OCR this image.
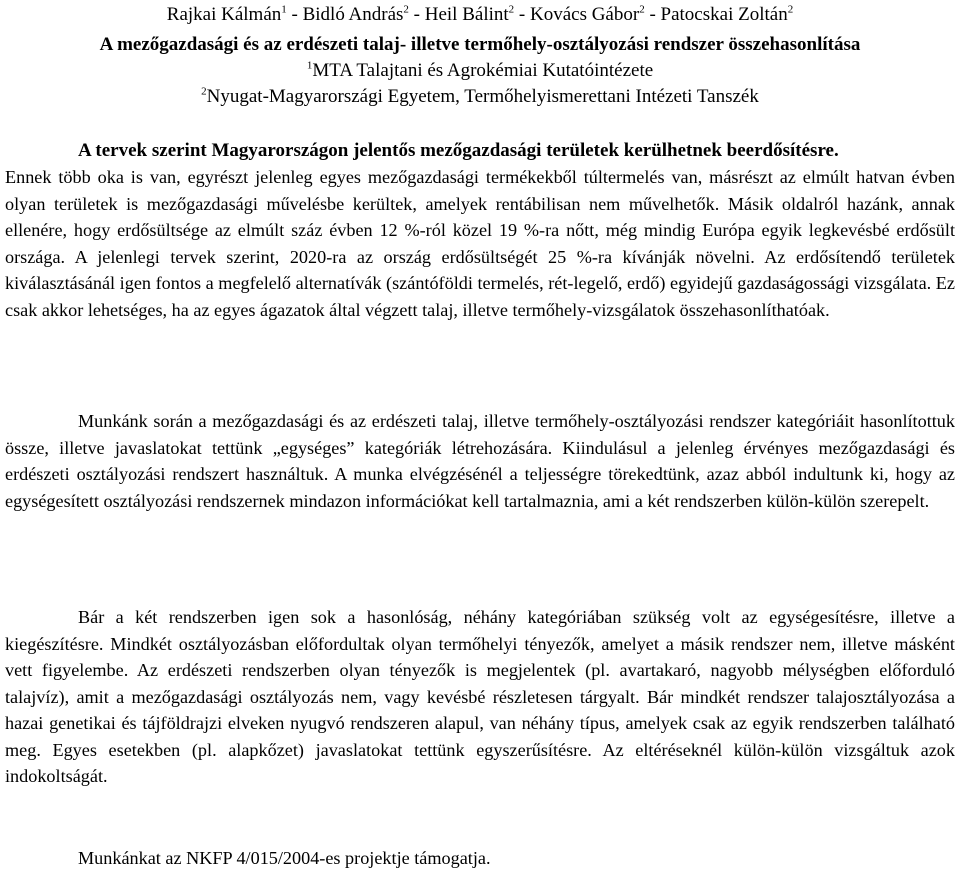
Rajkai Kálmán$^1$ - Bidló András$^2$ - Heil Bálint$^2$ - Kovács Gábor$^2$ - Patocskai Zoltán$^2$
A mezőgazdasági és az erdészeti talaj- illetve termőhely-osztályozási rendszer összehasonlítása
$^1$MTA Talajtani és Agrokémiai Kutatóintézete
$^2$Nyugat-Magyarországi Egyetem, Termőhelyismerettani Intézeti Tanszék
A tervek szerint Magyarországon jelentős mezőgazdasági területek kerülhetnek beerdősítésre.
Ennek több oka is van, egyrészt jelenleg egyes mezőgazdasági termékekből túltermelés van, másrészt az elmúlt hatvan évben olyan területek is mezőgazdasági művelésbe kerültek, amelyek rentábilisan nem művelhetők. Másik oldalról hazánk, annak ellenére, hogy erdősültsége az elmúlt száz évben 12 %-ról közel 19 %-ra nőtt, még mindig Európa egyik legkevésbé erdősült országa. A jelenlegi tervek szerint, 2020-ra az ország erdősültségét 25 %-ra kívánják növelni. Az erdősítendő területek kiválasztásánál igen fontos a megfelelő alternatívák (szántóföldi termelés, rét-legelő, erdő) egyidejű gazdaságossági vizsgálata. Ez csak akkor lehetséges, ha az egyes ágazatok által végzett talaj, illetve termőhely-vizsgálatok összehasonlíthatóak.
Munkánk során a mezőgazdasági és az erdészeti talaj, illetve termőhely-osztályozási rendszer kategóriáit hasonlítottuk össze, illetve javaslatokat tettünk „egységes” kategóriák létrehozására. Kiindulásul a jelenleg érvényes mezőgazdasági és erdészeti osztályozási rendszert használtuk. A munka elvégzésénél a teljességre törekedtünk, azaz abból indultunk ki, hogy az egységesített osztályozási rendszernek mindazon információkat kell tartalmaznia, ami a két rendszerben külön-külön szerepelt.
Bár a két rendszerben igen sok a hasonlóság, néhány kategóriában szükség volt az egységesítésre, illetve a kiegészítésre. Mindkét osztályozásban előfordultak olyan termőhelyi tényezők, amelyet a másik rendszer nem, illetve másként vett figyelembe. Az erdészeti rendszerben olyan tényezők is megjelentek (pl. avartakaró, nagyobb mélységben előforduló talajvíz), amit a mezőgazdasági osztályozás nem, vagy kevésbé részletesen tárgyalt. Bár mindkét rendszer talajosztályozása a hazai genetikai és tájföldrajzi elveken nyugvó rendszeren alapul, van néhány típus, amelyek csak az egyik rendszerben található meg. Egyes esetekben (pl. alapkőzet) javaslatokat tettünk egyszerűsítésre. Az eltéréseknél külön-külön vizsgáltuk azok indokoltságát.
Munkánkat az NKFP 4/015/2004-es projektje támogatja.
